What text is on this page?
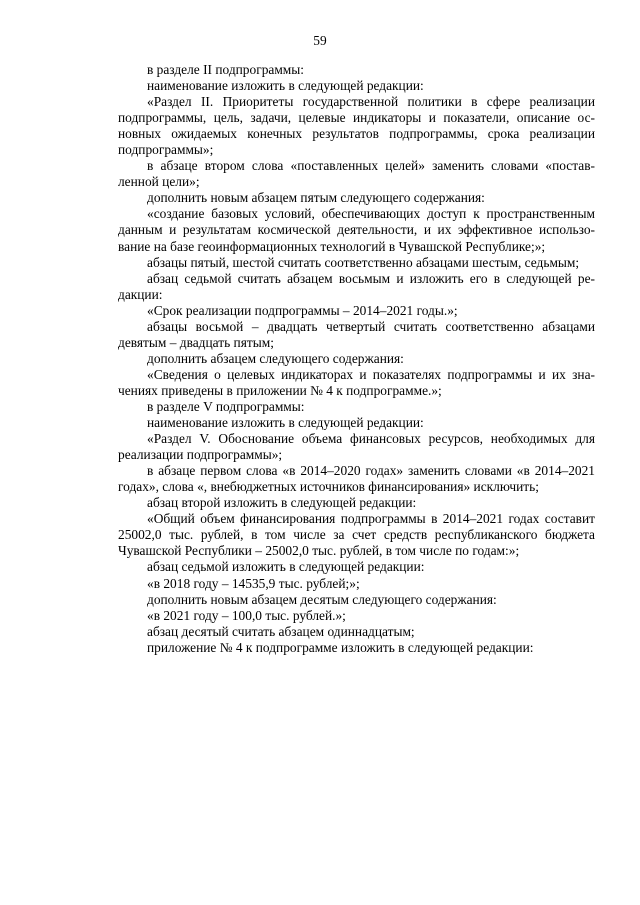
59

в разделе II подпрограммы:

наименование изложить в следующей редакции:

«Раздел II. Приоритеты государственной политики в сфере реализации подпрограммы, цель, задачи, целевые индикаторы и показатели, описание основных ожидаемых конечных результатов подпрограммы, срока реализации подпрограммы»;

в абзаце втором слова «поставленных целей» заменить словами «поставленной цели»;

дополнить новым абзацем пятым следующего содержания:

«создание базовых условий, обеспечивающих доступ к пространственным данным и результатам космической деятельности, и их эффективное использование на базе геоинформационных технологий в Чувашской Республике;»;

абзацы пятый, шестой считать соответственно абзацами шестым, седьмым;

абзац седьмой считать абзацем восьмым и изложить его в следующей редакции:

«Срок реализации подпрограммы – 2014–2021 годы.»;

абзацы восьмой – двадцать четвертый считать соответственно абзацами девятым – двадцать пятым;

дополнить абзацем следующего содержания:

«Сведения о целевых индикаторах и показателях подпрограммы и их значениях приведены в приложении № 4 к подпрограмме.»;

в разделе V подпрограммы:

наименование изложить в следующей редакции:

«Раздел V. Обоснование объема финансовых ресурсов, необходимых для реализации подпрограммы»;

в абзаце первом слова «в 2014–2020 годах» заменить словами «в 2014–2021 годах», слова «, внебюджетных источников финансирования» исключить;

абзац второй изложить в следующей редакции:

«Общий объем финансирования подпрограммы в 2014–2021 годах составит 25002,0 тыс. рублей, в том числе за счет средств республиканского бюджета Чувашской Республики – 25002,0 тыс. рублей, в том числе по годам:»;

абзац седьмой изложить в следующей редакции:

«в 2018 году – 14535,9 тыс. рублей;»;

дополнить новым абзацем десятым следующего содержания:

«в 2021 году – 100,0 тыс. рублей.»;

абзац десятый считать абзацем одиннадцатым;

приложение № 4 к подпрограмме изложить в следующей редакции:
